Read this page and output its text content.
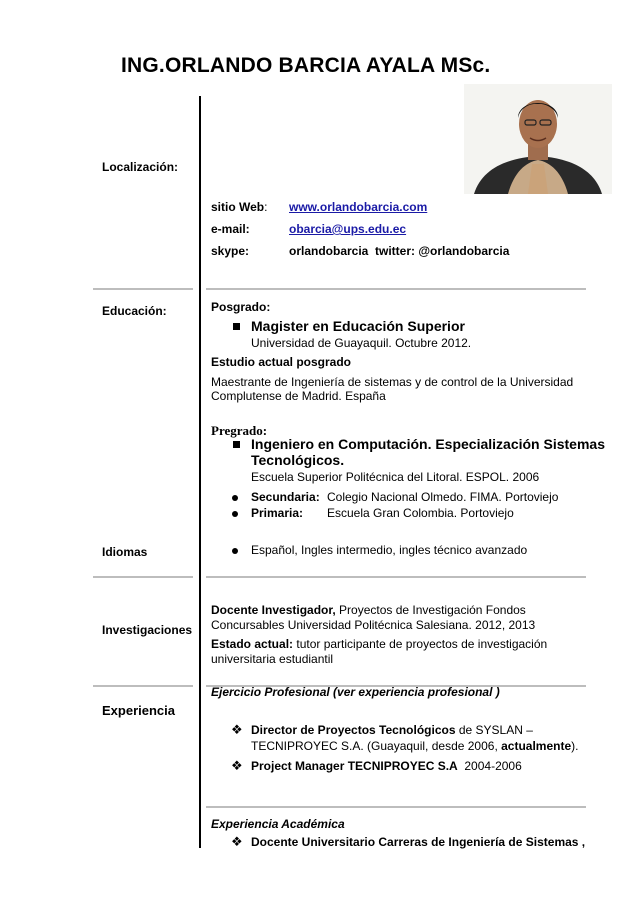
ING.ORLANDO BARCIA AYALA MSc.
Localización:
Educación:
Idiomas
Investigaciones
Experiencia
sitio Web: www.orlandobarcia.com
e-mail:	obarcia@ups.edu.ec
skype:	orlandobarcia  twitter: @orlandobarcia
Posgrado:
Magister en Educación Superior
Universidad de Guayaquil. Octubre 2012.
Estudio actual posgrado
Maestrante de Ingeniería de sistemas y de control de la Universidad
Complutense de Madrid. España
Pregrado:
Ingeniero en Computación. Especialización Sistemas
Tecnológicos.
Escuela Superior Politécnica del Litoral. ESPOL. 2006
Secundaria: Colegio Nacional Olmedo. FIMA. Portoviejo
Primaria: Escuela Gran Colombia. Portoviejo
Español, Ingles intermedio, ingles técnico avanzado
Docente Investigador, Proyectos de Investigación Fondos
Concursables Universidad Politécnica Salesiana. 2012, 2013
Estado actual: tutor participante de proyectos de investigación
universitaria estudiantil
Ejercicio Profesional (ver experiencia profesional )
❖ Director de Proyectos Tecnológicos de SYSLAN –
TECNIPROYEC S.A. (Guayaquil, desde 2006, actualmente).
❖ Project Manager TECNIPROYEC S.A  2004-2006
Experiencia Académica
❖ Docente Universitario Carreras de Ingeniería de Sistemas ,
